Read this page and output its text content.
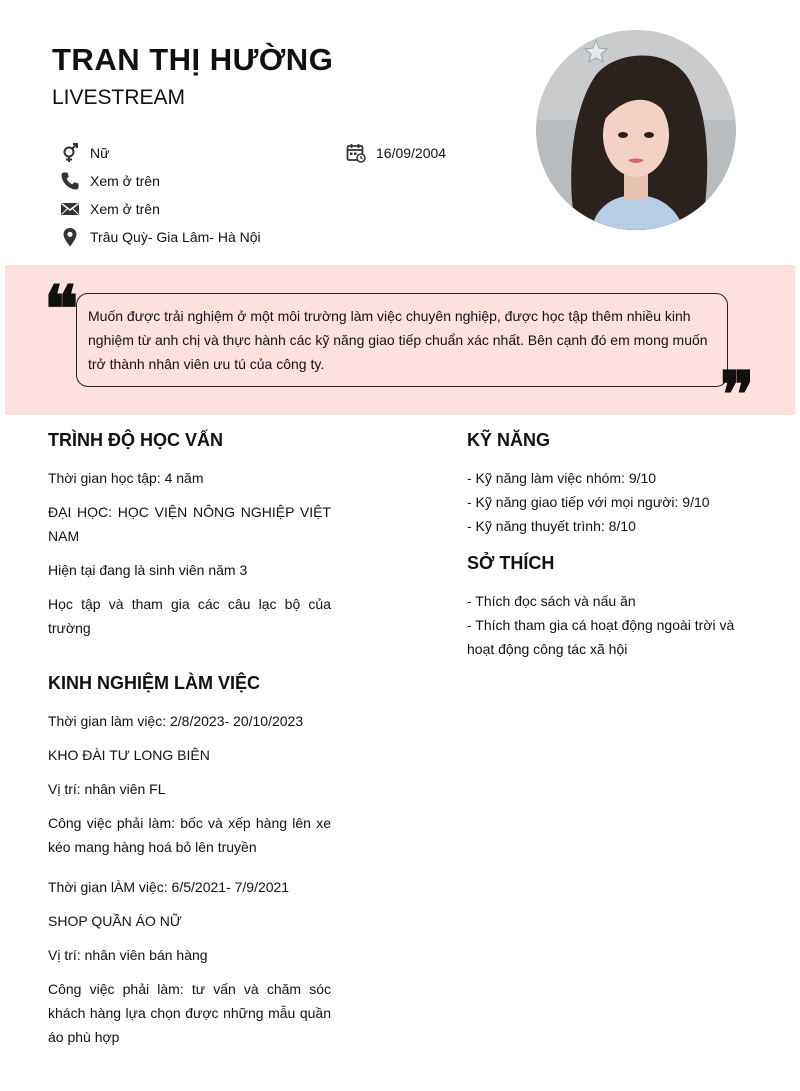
TRAN THỊ HƯỜNG
LIVESTREAM
Nữ	16/09/2004
Xem ở trên
Xem ở trên
Trâu Quỳ- Gia Lâm- Hà Nội
❝ Muốn được trải nghiệm ở một môi trường làm việc chuyên nghiệp, được học tập thêm nhiều kinh nghiệm từ anh chị và thực hành các kỹ năng giao tiếp chuẩn xác nhất. Bên cạnh đó em mong muốn trở thành nhân viên ưu tú của công ty.	❞
TRÌNH ĐỘ HỌC VẤN

Thời gian học tập: 4 năm

ĐẠI HỌC: HỌC VIỆN NÔNG NGHIỆP VIỆT NAM

Hiện tại đang là sinh viên năm 3

Học tập và tham gia các câu lạc bộ của trường

KINH NGHIỆM LÀM VIỆC

Thời gian làm việc: 2/8/2023- 20/10/2023

KHO ĐÀI TƯ LONG BIÊN

Vị trí: nhân viên FL

Công việc phải làm: bốc và xếp hàng lên xe kéo mang hàng hoá bỏ lên truyền

Thời gian lÀM việc: 6/5/2021- 7/9/2021

SHOP QUẦN ÁO NỮ

Vị trí: nhân viên bán hàng

Công việc phải làm: tư vấn và chăm sóc khách hàng lựa chọn được những mẫu quần áo phù hợp

KỸ NĂNG

- Kỹ năng làm việc nhóm: 9/10

- Kỹ năng giao tiếp với mọi người: 9/10

- Kỹ năng thuyết trình: 8/10

SỞ THÍCH

- Thích đọc sách và nấu ăn

- Thích tham gia cá hoạt động ngoài trời và hoạt động công tác xã hội
